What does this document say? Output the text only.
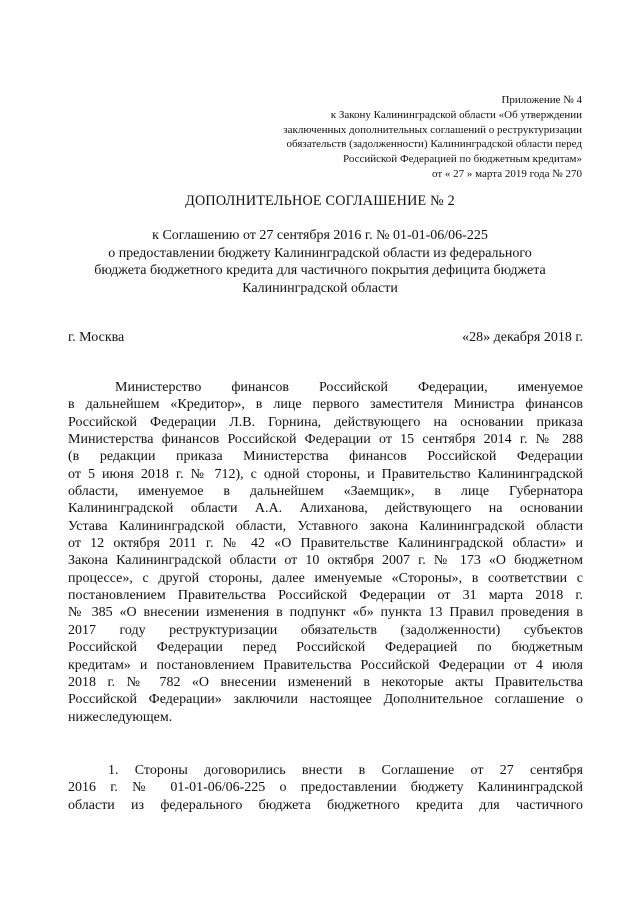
Приложение № 4
к Закону Калининградской области «Об утверждении
заключенных дополнительных соглашений о реструктуризации
обязательств (задолженности) Калининградской области перед
Российской Федерацией по бюджетным кредитам»
от « 27 » марта 2019 года № 270
ДОПОЛНИТЕЛЬНОЕ СОГЛАШЕНИЕ № 2
к Соглашению от 27 сентября 2016 г. № 01-01-06/06-225
о предоставлении бюджету Калининградской области из федерального
бюджета бюджетного кредита для частичного покрытия дефицита бюджета
Калининградской области
г. Москва	«28» декабря 2018 г.
Министерство финансов Российской Федерации, именуемое
в дальнейшем «Кредитор», в лице первого заместителя Министра финансов
Российской Федерации Л.В. Горнина, действующего на основании приказа
Министерства финансов Российской Федерации от 15 сентября 2014 г. № 288
(в редакции приказа Министерства финансов Российской Федерации
от 5 июня 2018 г. № 712), с одной стороны, и Правительство Калининградской
области, именуемое в дальнейшем «Заемщик», в лице Губернатора
Калининградской области А.А. Алиханова, действующего на основании
Устава Калининградской области, Уставного закона Калининградской области
от 12 октября 2011 г. № 42 «О Правительстве Калининградской области» и
Закона Калининградской области от 10 октября 2007 г. № 173 «О бюджетном
процессе», с другой стороны, далее именуемые «Стороны», в соответствии с
постановлением Правительства Российской Федерации от 31 марта 2018 г.
№ 385 «О внесении изменения в подпункт «б» пункта 13 Правил проведения в
2017 году реструктуризации обязательств (задолженности) субъектов
Российской Федерации перед Российской Федерацией по бюджетным
кредитам» и постановлением Правительства Российской Федерации от 4 июля
2018 г. № 782 «О внесении изменений в некоторые акты Правительства
Российской Федерации» заключили настоящее Дополнительное соглашение о
нижеследующем.
1. Стороны договорились внести в Соглашение от 27 сентября
2016 г. № 01-01-06/06-225 о предоставлении бюджету Калининградской
области из федерального бюджета бюджетного кредита для частичного
